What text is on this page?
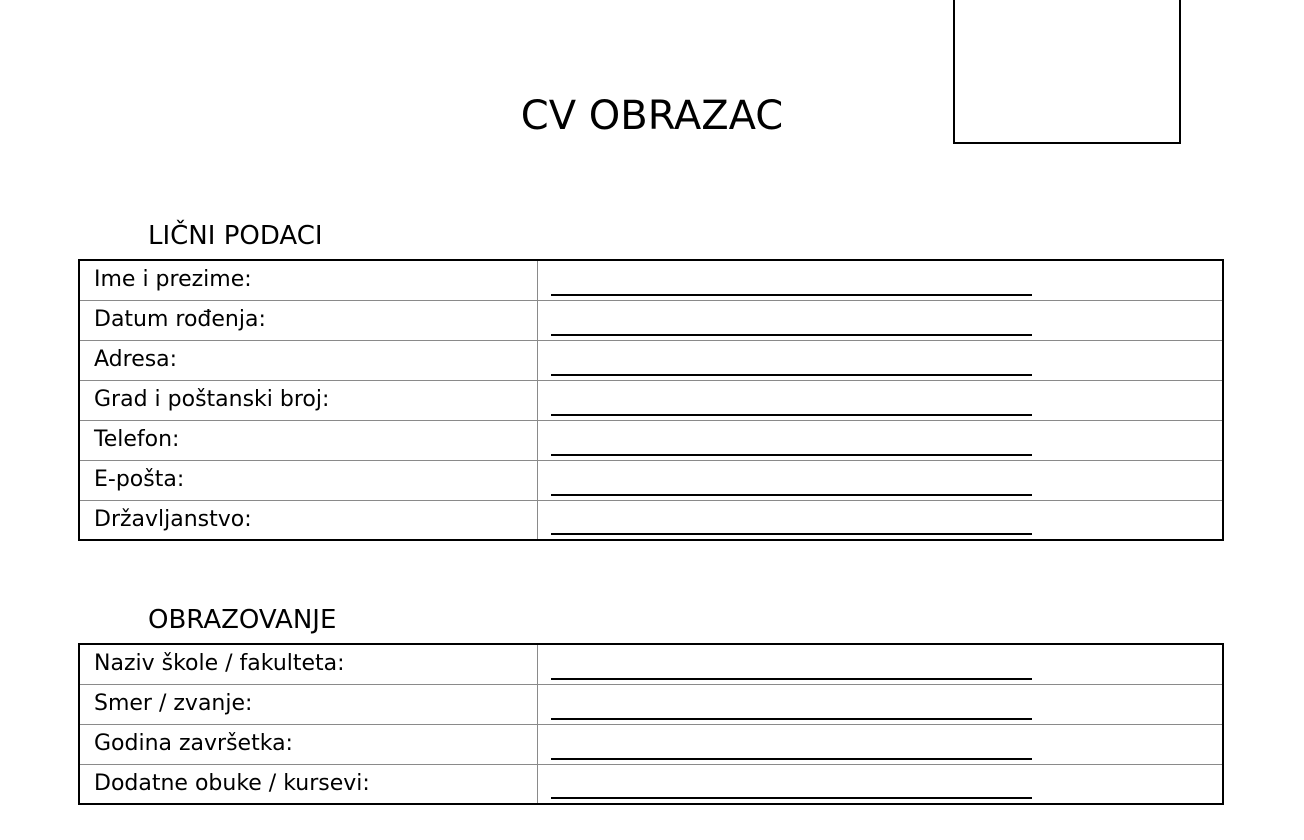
CV OBRAZAC
LIČNI PODACI
Ime i prezime:	

Datum rođenja:	

Adresa:	

Grad i poštanski broj:	

Telefon:	

E-pošta:	

Državljanstvo:	
OBRAZOVANJE
Naziv škole / fakulteta:	

Smer / zvanje:	

Godina završetka:	

Dodatne obuke / kursevi:	
